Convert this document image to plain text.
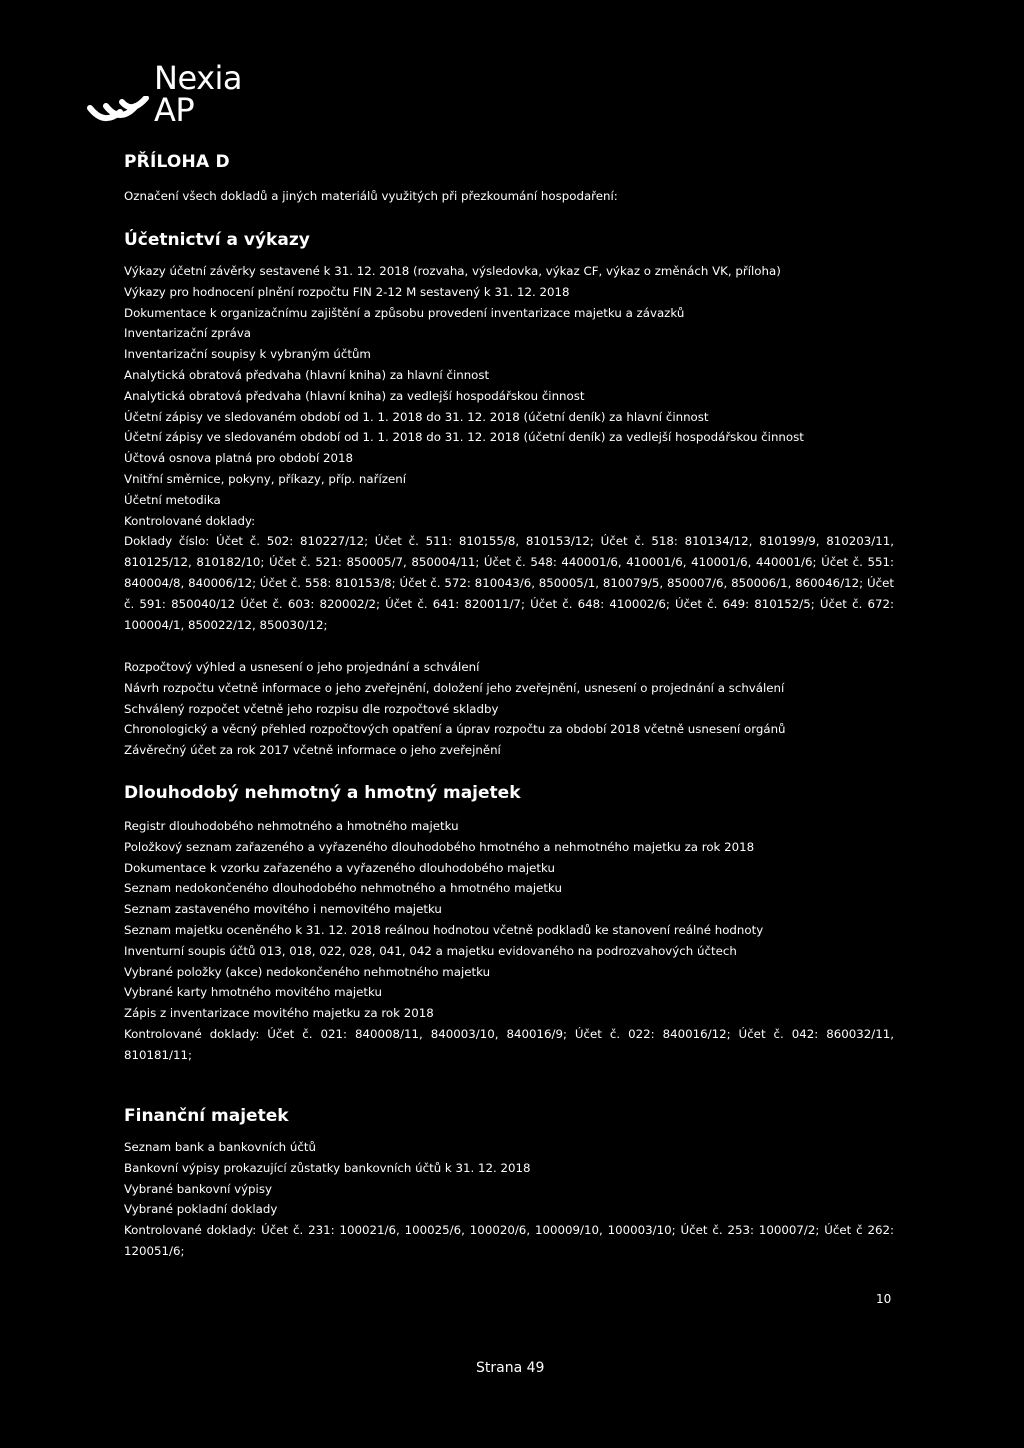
Nexia
AP
PŘÍLOHA D
Označení všech dokladů a jiných materiálů využitých při přezkoumání hospodaření:
Účetnictví a výkazy
Výkazy účetní závěrky sestavené k 31. 12. 2018 (rozvaha, výsledovka, výkaz CF, výkaz o změnách VK, příloha)
Výkazy pro hodnocení plnění rozpočtu FIN 2-12 M sestavený k 31. 12. 2018
Dokumentace k organizačnímu zajištění a způsobu provedení inventarizace majetku a závazků
Inventarizační zpráva
Inventarizační soupisy k vybraným účtům
Analytická obratová předvaha (hlavní kniha) za hlavní činnost
Analytická obratová předvaha (hlavní kniha) za vedlejší hospodářskou činnost
Účetní zápisy ve sledovaném období od 1. 1. 2018 do 31. 12. 2018 (účetní deník) za hlavní činnost
Účetní zápisy ve sledovaném období od 1. 1. 2018 do 31. 12. 2018 (účetní deník) za vedlejší hospodářskou činnost
Účtová osnova platná pro období 2018
Vnitřní směrnice, pokyny, příkazy, příp. nařízení
Účetní metodika
Kontrolované doklady:

Doklady číslo: Účet č. 502: 810227/12; Účet č. 511: 810155/8, 810153/12; Účet č. 518: 810134/12, 810199/9, 810203/11, 810125/12, 810182/10; Účet č. 521: 850005/7, 850004/11; Účet č. 548: 440001/6, 410001/6, 410001/6, 440001/6; Účet č. 551: 840004/8, 840006/12; Účet č. 558: 810153/8; Účet č. 572: 810043/6, 850005/1, 810079/5, 850007/6, 850006/1, 860046/12; Účet č. 591: 850040/12 Účet č. 603: 820002/2; Účet č. 641: 820011/7; Účet č. 648: 410002/6; Účet č. 649: 810152/5; Účet č. 672: 100004/1, 850022/12, 850030/12;

Rozpočtový výhled a usnesení o jeho projednání a schválení
Návrh rozpočtu včetně informace o jeho zveřejnění, doložení jeho zveřejnění, usnesení o projednání a schválení
Schválený rozpočet včetně jeho rozpisu dle rozpočtové skladby
Chronologický a věcný přehled rozpočtových opatření a úprav rozpočtu za období 2018 včetně usnesení orgánů
Závěrečný účet za rok 2017 včetně informace o jeho zveřejnění
Dlouhodobý nehmotný a hmotný majetek
Registr dlouhodobého nehmotného a hmotného majetku
Položkový seznam zařazeného a vyřazeného dlouhodobého hmotného a nehmotného majetku za rok 2018
Dokumentace k vzorku zařazeného a vyřazeného dlouhodobého majetku
Seznam nedokončeného dlouhodobého nehmotného a hmotného majetku
Seznam zastaveného movitého i nemovitého majetku
Seznam majetku oceněného k 31. 12. 2018 reálnou hodnotou včetně podkladů ke stanovení reálné hodnoty
Inventurní soupis účtů 013, 018, 022, 028, 041, 042 a majetku evidovaného na podrozvahových účtech
Vybrané položky (akce) nedokončeného nehmotného majetku
Vybrané karty hmotného movitého majetku
Zápis z inventarizace movitého majetku za rok 2018

Kontrolované doklady: Účet č. 021: 840008/11, 840003/10, 840016/9; Účet č. 022: 840016/12; Účet č. 042: 860032/11, 810181/11;

Finanční majetek
Seznam bank a bankovních účtů
Bankovní výpisy prokazující zůstatky bankovních účtů k 31. 12. 2018
Vybrané bankovní výpisy
Vybrané pokladní doklady

Kontrolované doklady: Účet č. 231: 100021/6, 100025/6, 100020/6, 100009/10, 100003/10; Účet č. 253: 100007/2; Účet č 262: 120051/6;

10
Strana 49
